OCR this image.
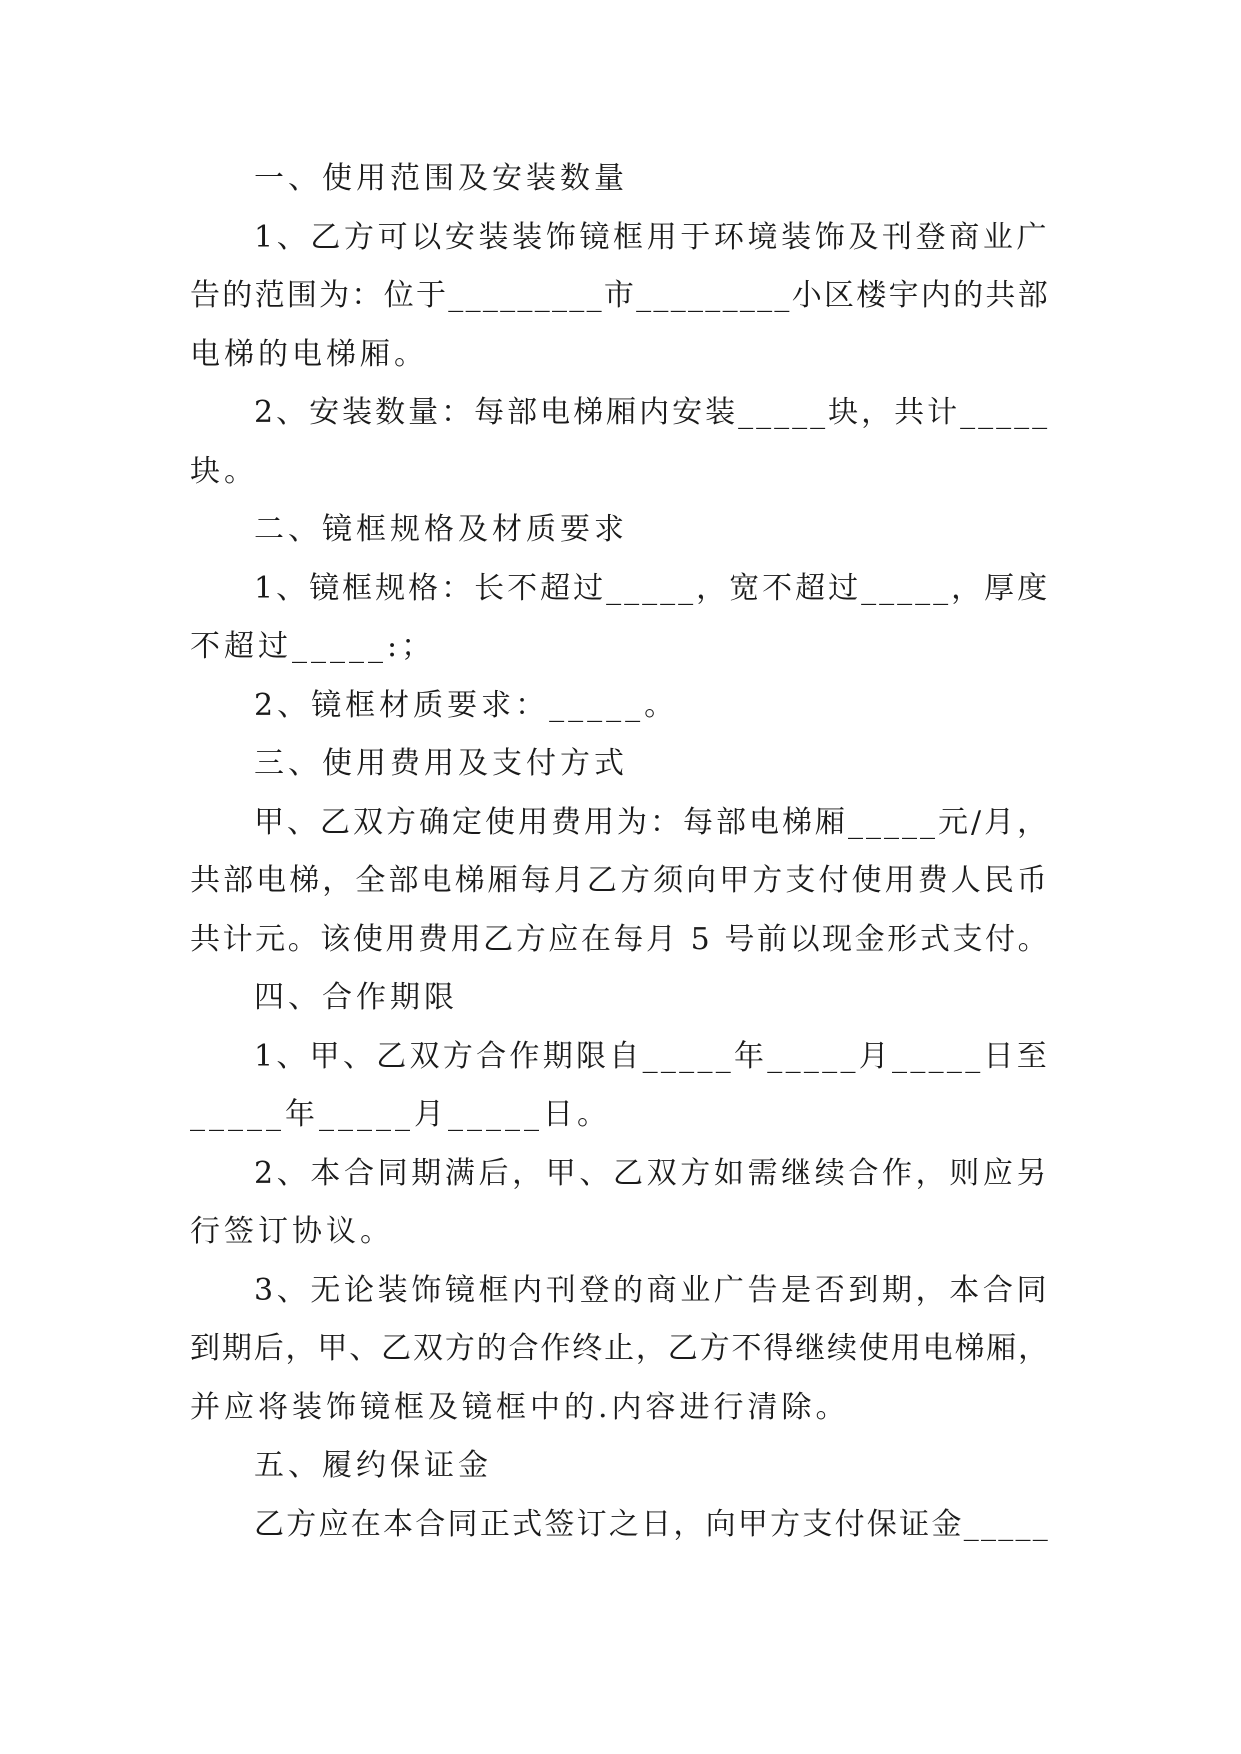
一、使用范围及安装数量
1、乙方可以安装装饰镜框用于环境装饰及刊登商业广
告的范围为：位于_________市_________小区楼宇内的共部
电梯的电梯厢。
2、安装数量：每部电梯厢内安装_____块，共计_____
块。
二、镜框规格及材质要求
1、镜框规格：长不超过_____，宽不超过_____，厚度
不超过_____:；
2、镜框材质要求：_____。
三、使用费用及支付方式
甲、乙双方确定使用费用为：每部电梯厢_____元/月，
共部电梯，全部电梯厢每月乙方须向甲方支付使用费人民币
共计元。该使用费用乙方应在每月 5 号前以现金形式支付。
四、合作期限
1、甲、乙双方合作期限自_____年_____月_____日至
_____年_____月_____日。
2、本合同期满后，甲、乙双方如需继续合作，则应另
行签订协议。
3、无论装饰镜框内刊登的商业广告是否到期，本合同
到期后，甲、乙双方的合作终止，乙方不得继续使用电梯厢，
并应将装饰镜框及镜框中的.内容进行清除。
五、履约保证金
乙方应在本合同正式签订之日，向甲方支付保证金_____
